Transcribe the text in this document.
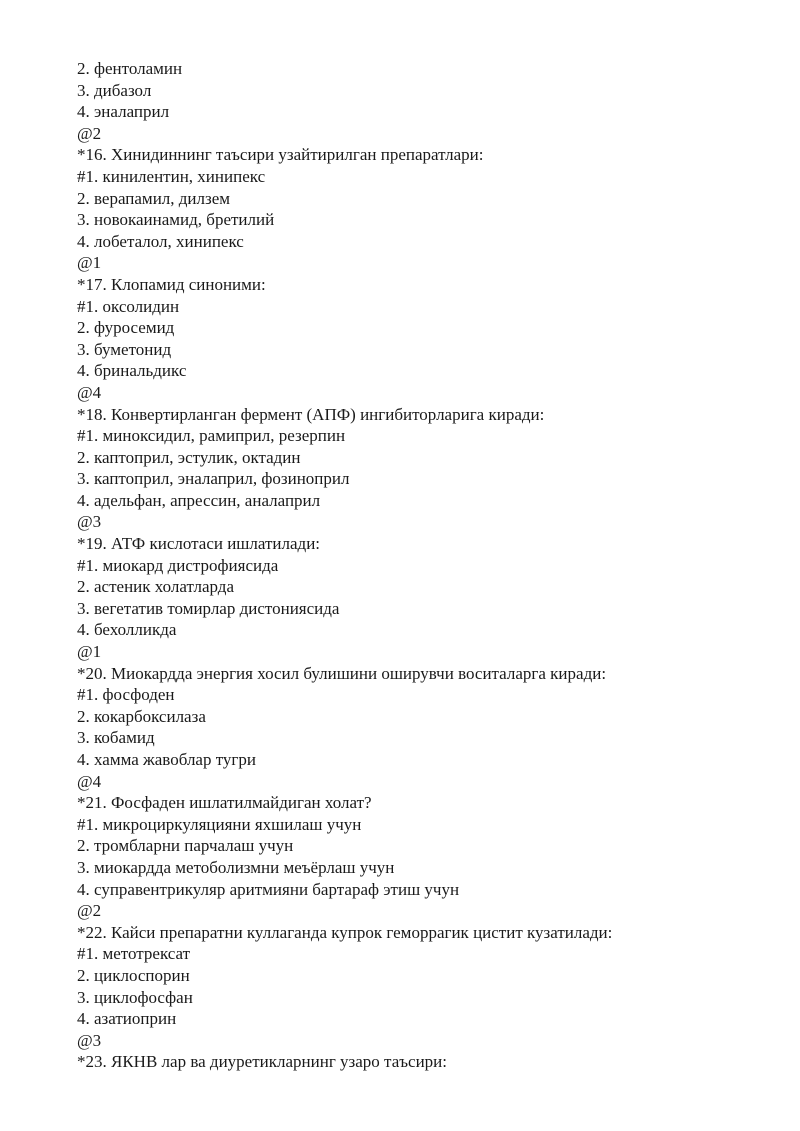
2. фентоламин
3. дибазол
4. эналаприл
@2
*16. Хинидиннинг таъсири узайтирилган препаратлари:
#1. кинилентин, хинипекс
2. верапамил, дилзем
3. новокаинамид, бретилий
4. лобеталол, хинипекс
@1
*17. Клопамид синоними:
#1. оксолидин
2. фуросемид
3. буметонид
4. бринальдикс
@4
*18. Конвертирланган фермент (АПФ) ингибиторларига киради:
#1. миноксидил, рамиприл, резерпин
2. каптоприл, эстулик, октадин
3. каптоприл, эналаприл, фозиноприл
4. адельфан, апрессин, аналаприл
@3
*19. АТФ кислотаси ишлатилади:
#1. миокард дистрофиясида
2. астеник холатларда
3. вегетатив томирлар дистониясида
4. бехолликда
@1
*20. Миокардда энергия хосил булишини оширувчи воситаларга киради:
#1. фосфоден
2. кокарбоксилаза
3. кобамид
4. хамма жавоблар тугри
@4
*21. Фосфаден ишлатилмайдиган холат?
#1. микроциркуляцияни яхшилаш учун
2. тромбларни парчалаш учун
3. миокардда метоболизмни меъёрлаш учун
4. суправентрикуляр аритмияни бартараф этиш учун
@2
*22. Кайси препаратни куллаганда купрок геморрагик цистит кузатилади:
#1. метотрексат
2. циклоспорин
3. циклофосфан
4. азатиоприн
@3
*23. ЯКНВ лар ва диуретикларнинг узаро таъсири:
